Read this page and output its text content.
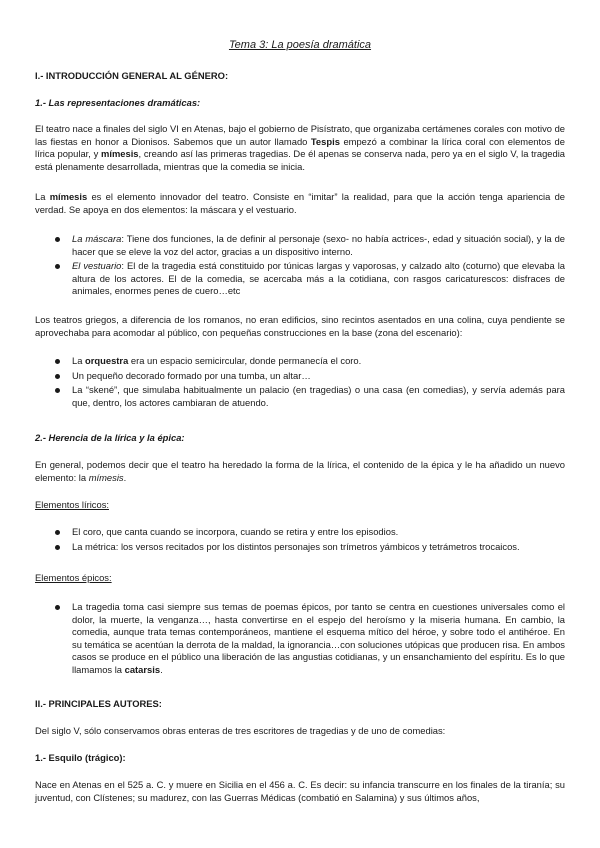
Tema 3: La poesía dramática

I.- INTRODUCCIÓN GENERAL AL GÉNERO:

1.- Las representaciones dramáticas:

El teatro nace a finales del siglo VI en Atenas, bajo el gobierno de Pisístrato, que organizaba certámenes corales con motivo de las fiestas en honor a Dionisos. Sabemos que un autor llamado Tespis empezó a combinar la lírica coral con elementos de lírica popular, y mímesis, creando así las primeras tragedias. De él apenas se conserva nada, pero ya en el siglo V, la tragedia está plenamente desarrollada, mientras que la comedia se inicia.

La mímesis es el elemento innovador del teatro. Consiste en “imitar” la realidad, para que la acción tenga apariencia de verdad. Se apoya en dos elementos: la máscara y el vestuario.

La máscara: Tiene dos funciones, la de definir al personaje (sexo- no había actrices-, edad y situación social), y la de hacer que se eleve la voz del actor, gracias a un dispositivo interno.
El vestuario: El de la tragedia está constituido por túnicas largas y vaporosas, y calzado alto (coturno) que elevaba la altura de los actores. El de la comedia, se acercaba más a la cotidiana, con rasgos caricaturescos: disfraces de animales, enormes penes de cuero…etc

Los teatros griegos, a diferencia de los romanos, no eran edificios, sino recintos asentados en una colina, cuya pendiente se aprovechaba para acomodar al público, con pequeñas construcciones en la base (zona del escenario):

La orquestra era un espacio semicircular, donde permanecía el coro.
Un pequeño decorado formado por una tumba, un altar…
La “skené”, que simulaba habitualmente un palacio (en tragedias) o una casa (en comedias), y servía además para que, dentro, los actores cambiaran de atuendo.

2.- Herencia de la lírica y la épica:

En general, podemos decir que el teatro ha heredado la forma de la lírica, el contenido de la épica y le ha añadido un nuevo elemento: la mímesis.

Elementos líricos:

El coro, que canta cuando se incorpora, cuando se retira y entre los episodios.
La métrica: los versos recitados por los distintos personajes son trímetros yámbicos y tetrámetros trocaicos.

Elementos épicos:

La tragedia toma casi siempre sus temas de poemas épicos, por tanto se centra en cuestiones universales como el dolor, la muerte, la venganza…, hasta convertirse en el espejo del heroísmo y la miseria humana. En cambio, la comedia, aunque trata temas contemporáneos, mantiene el esquema mítico del héroe, y sobre todo el antihéroe. En su temática se acentúan la derrota de la maldad, la ignorancia…con soluciones utópicas que producen risa. En ambos casos se produce en el público una liberación de las angustias cotidianas, y un ensanchamiento del espíritu. Es lo que llamamos la catarsis.

II.- PRINCIPALES AUTORES:

Del siglo V, sólo conservamos obras enteras de tres escritores de tragedias y de uno de comedias:

1.- Esquilo (trágico):

Nace en Atenas en el 525 a. C. y muere en Sicilia en el 456 a. C. Es decir: su infancia transcurre en los finales de la tiranía; su juventud, con Clístenes; su madurez, con las Guerras Médicas (combatió en Salamina) y sus últimos años,
